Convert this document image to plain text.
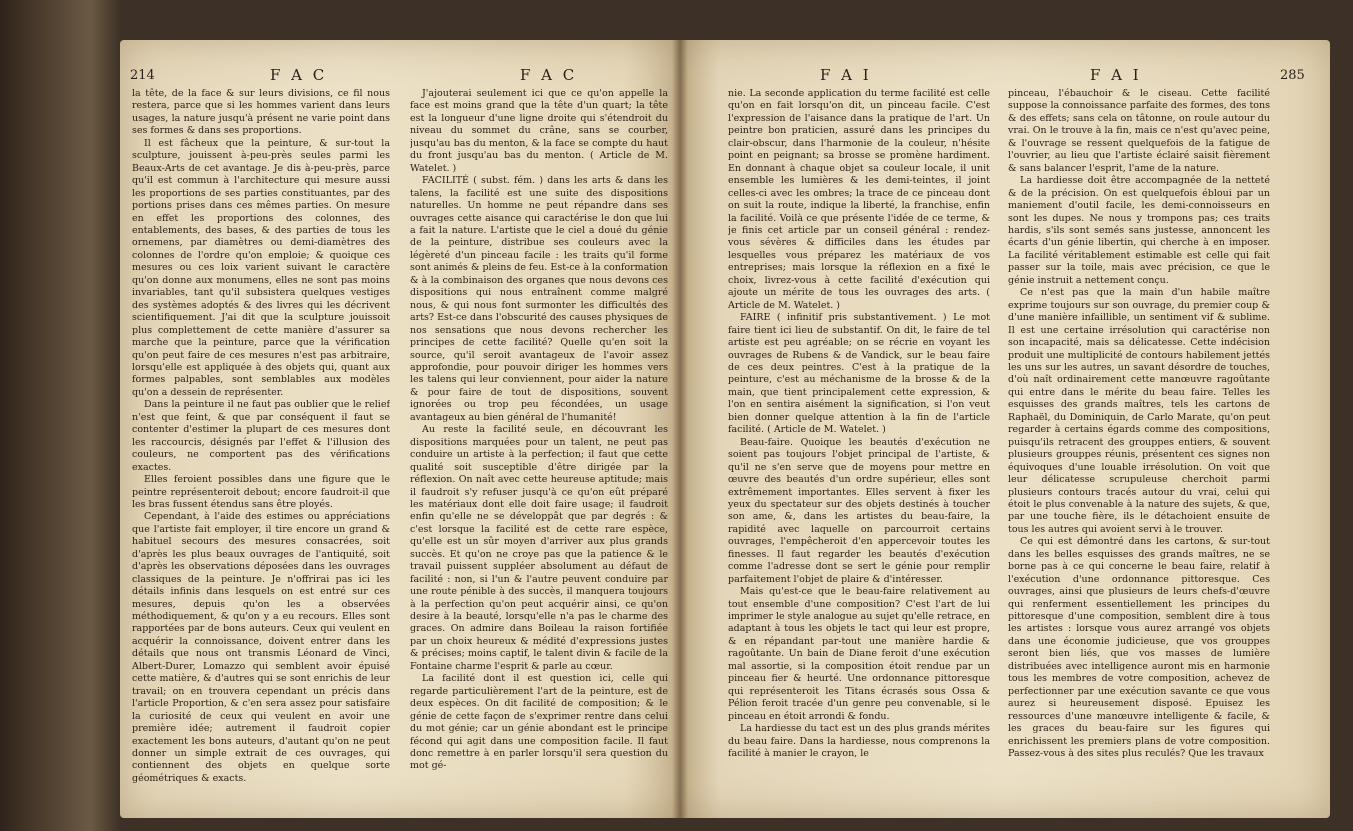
214	F A C	F A C

la tête, de la face & sur leurs divisions, ce fil nous restera, parce que si les hommes varient dans leurs usages, la nature jusqu'à présent ne varie point dans ses formes & dans ses proportions.

Il est fâcheux que la peinture, & sur-tout la sculpture, jouissent à-peu-près seules parmi les Beaux-Arts de cet avantage. Je dis à-peu-près, parce qu'il est commun à l'architecture qui mesure aussi les proportions de ses parties constituantes, par des portions prises dans ces mêmes parties. On mesure en effet les proportions des colonnes, des entablements, des bases, & des parties de tous les ornemens, par diamètres ou demi-diamètres des colonnes de l'ordre qu'on emploie; & quoique ces mesures ou ces loix varient suivant le caractère qu'on donne aux monumens, elles ne sont pas moins invariables, tant qu'il subsistera quelques vestiges des systèmes adoptés & des livres qui les décrivent scientifiquement. J'ai dit que la sculpture jouissoit plus complettement de cette manière d'assurer sa marche que la peinture, parce que la vérification qu'on peut faire de ces mesures n'est pas arbitraire, lorsqu'elle est appliquée à des objets qui, quant aux formes palpables, sont semblables aux modèles qu'on a dessein de représenter.

Dans la peinture il ne faut pas oublier que le relief n'est que feint, & que par conséquent il faut se contenter d'estimer la plupart de ces mesures dont les raccourcis, désignés par l'effet & l'illusion des couleurs, ne comportent pas des vérifications exactes.

Elles feroient possibles dans une figure que le peintre représenteroit debout; encore faudroit-il que les bras fussent étendus sans être ployés.

Cependant, à l'aide des estimes ou appréciations que l'artiste fait employer, il tire encore un grand & habituel secours des mesures consacrées, soit d'après les plus beaux ouvrages de l'antiquité, soit d'après les observations déposées dans les ouvrages classiques de la peinture. Je n'offrirai pas ici les détails infinis dans lesquels on est entré sur ces mesures, depuis qu'on les a observées méthodiquement, & qu'on y a eu recours. Elles sont rapportées par de bons auteurs. Ceux qui veulent en acquérir la connoissance, doivent entrer dans les détails que nous ont transmis Léonard de Vinci, Albert-Durer, Lomazzo qui semblent avoir épuisé cette matière, & d'autres qui se sont enrichis de leur travail; on en trouvera cependant un précis dans l'article Proportion, & c'en sera assez pour satisfaire la curiosité de ceux qui veulent en avoir une première idée; autrement il faudroit copier exactement les bons auteurs, d'autant qu'on ne peut donner un simple extrait de ces ouvrages, qui contiennent des objets en quelque sorte géométriques & exacts.

J'ajouterai seulement ici que ce qu'on appelle la face est moins grand que la tête d'un quart; la tête est la longueur d'une ligne droite qui s'étendroit du niveau du sommet du crâne, sans se courber, jusqu'au bas du menton, & la face se compte du haut du front jusqu'au bas du menton. ( Article de M. Watelet. )

FACILITÉ ( subst. fém. ) dans les arts & dans les talens, la facilité est une suite des dispositions naturelles. Un homme ne peut répandre dans ses ouvrages cette aisance qui caractérise le don que lui a fait la nature. L'artiste que le ciel a doué du génie de la peinture, distribue ses couleurs avec la légèreté d'un pinceau facile : les traits qu'il forme sont animés & pleins de feu. Est-ce à la conformation & à la combinaison des organes que nous devons ces dispositions qui nous entraînent comme malgré nous, & qui nous font surmonter les difficultés des arts? Est-ce dans l'obscurité des causes physiques de nos sensations que nous devons rechercher les principes de cette facilité? Quelle qu'en soit la source, qu'il seroit avantageux de l'avoir assez approfondie, pour pouvoir diriger les hommes vers les talens qui leur conviennent, pour aider la nature & pour faire de tout de dispositions, souvent ignorées ou trop peu fécondées, un usage avantageux au bien général de l'humanité!

Au reste la facilité seule, en découvrant les dispositions marquées pour un talent, ne peut pas conduire un artiste à la perfection; il faut que cette qualité soit susceptible d'être dirigée par la réflexion. On naît avec cette heureuse aptitude; mais il faudroit s'y refuser jusqu'à ce qu'on eût préparé les matériaux dont elle doit faire usage; il faudroit enfin qu'elle ne se développât que par degrés : & c'est lorsque la facilité est de cette rare espèce, qu'elle est un sûr moyen d'arriver aux plus grands succès. Et qu'on ne croye pas que la patience & le travail puissent suppléer absolument au défaut de facilité : non, si l'un & l'autre peuvent conduire par une route pénible à des succès, il manquera toujours à la perfection qu'on peut acquérir ainsi, ce qu'on desire à la beauté, lorsqu'elle n'a pas le charme des graces. On admire dans Boileau la raison fortifiée par un choix heureux & médité d'expressions justes & précises; moins captif, le talent divin & facile de la Fontaine charme l'esprit & parle au cœur.

La facilité dont il est question ici, celle qui regarde particulièrement l'art de la peinture, est de deux espèces. On dit facilité de composition; & le génie de cette façon de s'exprimer rentre dans celui du mot génie; car un génie abondant est le principe fécond qui agit dans une composition facile. Il faut donc remettre à en parler lorsqu'il sera question du mot gé-

F A I	F A I	285

nie. La seconde application du terme facilité est celle qu'on en fait lorsqu'on dit, un pinceau facile. C'est l'expression de l'aisance dans la pratique de l'art. Un peintre bon praticien, assuré dans les principes du clair-obscur, dans l'harmonie de la couleur, n'hésite point en peignant; sa brosse se promène hardiment. En donnant à chaque objet sa couleur locale, il unit ensemble les lumières & les demi-teintes, il joint celles-ci avec les ombres; la trace de ce pinceau dont on suit la route, indique la liberté, la franchise, enfin la facilité. Voilà ce que présente l'idée de ce terme, & je finis cet article par un conseil général : rendez-vous sévères & difficiles dans les études par lesquelles vous préparez les matériaux de vos entreprises; mais lorsque la réflexion en a fixé le choix, livrez-vous à cette facilité d'exécution qui ajoute un mérite de tous les ouvrages des arts. ( Article de M. Watelet. )

FAIRE ( infinitif pris substantivement. ) Le mot faire tient ici lieu de substantif. On dit, le faire de tel artiste est peu agréable; on se récrie en voyant les ouvrages de Rubens & de Vandick, sur le beau faire de ces deux peintres. C'est à la pratique de la peinture, c'est au méchanisme de la brosse & de la main, que tient principalement cette expression, & l'on en sentira aisément la signification, si l'on veut bien donner quelque attention à la fin de l'article facilité. ( Article de M. Watelet. )

Beau-faire. Quoique les beautés d'exécution ne soient pas toujours l'objet principal de l'artiste, & qu'il ne s'en serve que de moyens pour mettre en œuvre des beautés d'un ordre supérieur, elles sont extrêmement importantes. Elles servent à fixer les yeux du spectateur sur des objets destinés à toucher son ame, &, dans les artistes du beau-faire, la rapidité avec laquelle on parcourroit certains ouvrages, l'empêcheroit d'en appercevoir toutes les finesses. Il faut regarder les beautés d'exécution comme l'adresse dont se sert le génie pour remplir parfaitement l'objet de plaire & d'intéresser.

Mais qu'est-ce que le beau-faire relativement au tout ensemble d'une composition? C'est l'art de lui imprimer le style analogue au sujet qu'elle retrace, en adaptant à tous les objets le tact qui leur est propre, & en répandant par-tout une manière hardie & ragoûtante. Un bain de Diane feroit d'une exécution mal assortie, si la composition étoit rendue par un pinceau fier & heurté. Une ordonnance pittoresque qui représenteroit les Titans écrasés sous Ossa & Pélion feroit tracée d'un genre peu convenable, si le pinceau en étoit arrondi & fondu.

La hardiesse du tact est un des plus grands mérites du beau faire. Dans la hardiesse, nous comprenons la facilité à manier le crayon, le

pinceau, l'ébauchoir & le ciseau. Cette facilité suppose la connoissance parfaite des formes, des tons & des effets; sans cela on tâtonne, on roule autour du vrai. On le trouve à la fin, mais ce n'est qu'avec peine, & l'ouvrage se ressent quelquefois de la fatigue de l'ouvrier, au lieu que l'artiste éclairé saisit fièrement & sans balancer l'esprit, l'ame de la nature.

La hardiesse doit être accompagnée de la netteté & de la précision. On est quelquefois ébloui par un maniement d'outil facile, les demi-connoisseurs en sont les dupes. Ne nous y trompons pas; ces traits hardis, s'ils sont semés sans justesse, annoncent les écarts d'un génie libertin, qui cherche à en imposer. La facilité véritablement estimable est celle qui fait passer sur la toile, mais avec précision, ce que le génie instruit a nettement conçu.

Ce n'est pas que la main d'un habile maître exprime toujours sur son ouvrage, du premier coup & d'une manière infaillible, un sentiment vif & sublime. Il est une certaine irrésolution qui caractérise non son incapacité, mais sa délicatesse. Cette indécision produit une multiplicité de contours habilement jettés les uns sur les autres, un savant désordre de touches, d'où naît ordinairement cette manœuvre ragoûtante qui entre dans le mérite du beau faire. Telles les esquisses des grands maîtres, tels les cartons de Raphaël, du Dominiquin, de Carlo Marate, qu'on peut regarder à certains égards comme des compositions, puisqu'ils retracent des grouppes entiers, & souvent plusieurs grouppes réunis, présentent ces signes non équivoques d'une louable irrésolution. On voit que leur délicatesse scrupuleuse cherchoit parmi plusieurs contours tracés autour du vrai, celui qui étoit le plus convenable à la nature des sujets, & que, par une touche fière, ils le détachoient ensuite de tous les autres qui avoient servi à le trouver.

Ce qui est démontré dans les cartons, & sur-tout dans les belles esquisses des grands maîtres, ne se borne pas à ce qui concerne le beau faire, relatif à l'exécution d'une ordonnance pittoresque. Ces ouvrages, ainsi que plusieurs de leurs chefs-d'œuvre qui renferment essentiellement les principes du pittoresque d'une composition, semblent dire à tous les artistes : lorsque vous aurez arrangé vos objets dans une économie judicieuse, que vos grouppes seront bien liés, que vos masses de lumière distribuées avec intelligence auront mis en harmonie tous les membres de votre composition, achevez de perfectionner par une exécution savante ce que vous aurez si heureusement disposé. Epuisez les ressources d'une manœuvre intelligente & facile, & les graces du beau-faire sur les figures qui enrichissent les premiers plans de votre composition. Passez-vous à des sites plus reculés? Que les travaux
